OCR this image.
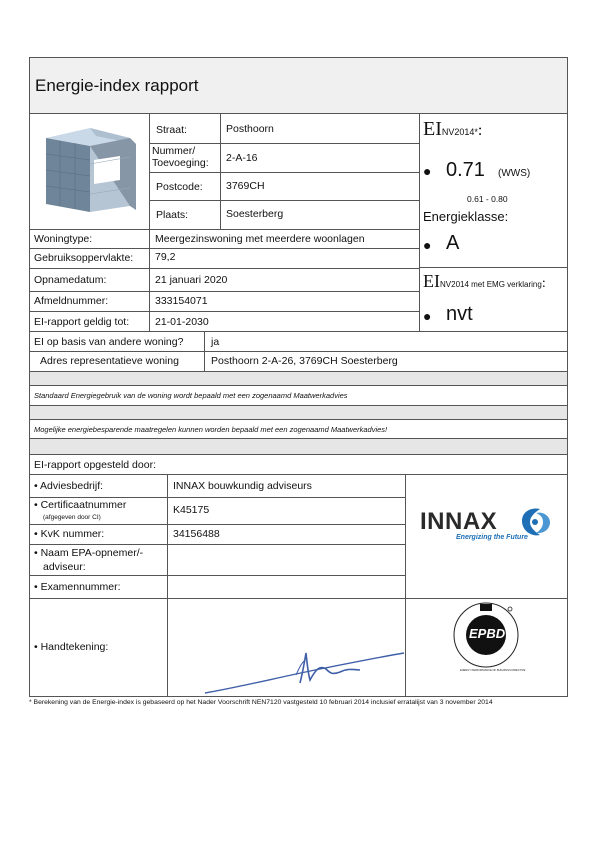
Energie-index rapport
Straat:	Posthoorn
Nummer/ Toevoeging:	2-A-16
Postcode: 3769CH
Plaats:	Soesterberg
EINV2014*:
● 0.71 (WWS)
0.61 - 0.80
Energieklasse:
● A
EINV2014 met EMG verklaring:
● nvt
Woningtype:	Meergezinswoning met meerdere woonlagen
Gebruiksoppervlakte: 79,2
Opnamedatum:	21 januari 2020
Afmeldnummer:	333154071
EI-rapport geldig tot: 21-01-2030
EI op basis van andere woning?	ja
Adres representatieve woning	Posthoorn 2-A-26, 3769CH Soesterberg
Standaard Energiegebruik van de woning wordt bepaald met een zogenaamd Maatwerkadvies
Mogelijke energiebesparende maatregelen kunnen worden bepaald met een zogenaamd Maatwerkadvies!
EI-rapport opgesteld door:
• Adviesbedrijf:	INNAX bouwkundig adviseurs
• Certificaatnummer
(afgegeven door CI)
K45175
• KvK nummer:	34156488
• Naam EPA-opnemer/-
adviseur:
• Examennummer:
• Handtekening:
INNAX
Energizing the Future
EPBD
ENERGY PERFORMANCE OF BUILDINGS DIRECTIVE
* Berekening van de Energie-index is gebaseerd op het Nader Voorschrift NEN7120 vastgesteld 10 februari 2014 inclusief erratalijst van 3 november 2014
